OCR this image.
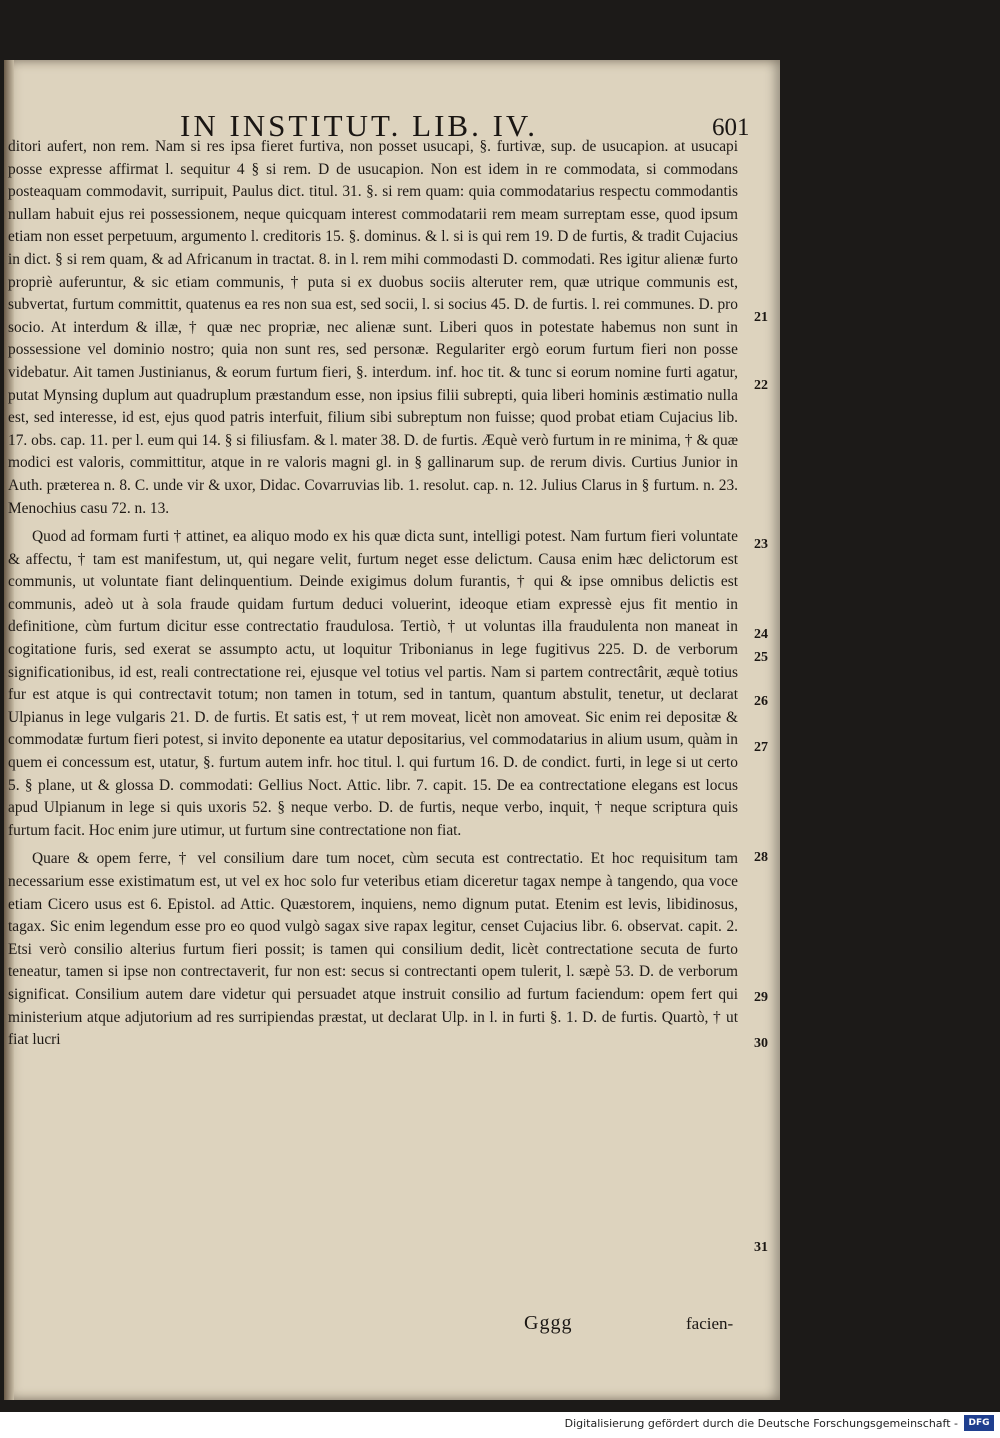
IN INSTITUT. LIB. IV.	601

ditori aufert, non rem. Nam si res ipsa fieret furtiva, non posset usucapi, §. furtivæ, sup. de usucapion. at usucapi posse expresse affirmat l. sequitur 4 § si rem. D de usucapion. Non est idem in re commodata, si commodans posteaquam commodavit, surripuit, Paulus dict. titul. 31. §. si rem quam: quia commodatarius respectu commodantis nullam habuit ejus rei possessionem, neque quicquam interest commodatarii rem meam surreptam esse, quod ipsum etiam non esset perpetuum, argumento l. creditoris 15. §. dominus. & l. si is qui rem 19. D de furtis, & tradit Cujacius in dict. § si rem quam, & ad Africanum in tractat. 8. in l. rem mihi commodasti D. commodati. Res igitur alienæ furto propriè auferuntur, & sic etiam communis, † puta si ex duobus sociis alteruter rem, quæ utrique communis est, subvertat, furtum committit, quatenus ea res non sua est, sed socii, l. si socius 45. D. de furtis. l. rei communes. D. pro socio. At interdum & illæ, † quæ nec propriæ, nec alienæ sunt. Liberi quos in potestate habemus non sunt in possessione vel dominio nostro; quia non sunt res, sed personæ. Regulariter ergò eorum furtum fieri non posse videbatur. Ait tamen Justinianus, & eorum furtum fieri, §. interdum. inf. hoc tit. & tunc si eorum nomine furti agatur, putat Mynsing duplum aut quadruplum præstandum esse, non ipsius filii subrepti, quia liberi hominis æstimatio nulla est, sed interesse, id est, ejus quod patris interfuit, filium sibi subreptum non fuisse; quod probat etiam Cujacius lib. 17. obs. cap. 11. per l. eum qui 14. § si filiusfam. & l. mater 38. D. de furtis. Æquè verò furtum in re minima, † & quæ modici est valoris, committitur, atque in re valoris magni gl. in § gallinarum sup. de rerum divis. Curtius Junior in Auth. præterea n. 8. C. unde vir & uxor, Didac. Covarruvias lib. 1. resolut. cap. n. 12. Julius Clarus in § furtum. n. 23. Menochius casu 72. n. 13.

Quod ad formam furti † attinet, ea aliquo modo ex his quæ dicta sunt, intelligi potest. Nam furtum fieri voluntate & affectu, † tam est manifestum, ut, qui negare velit, furtum neget esse delictum. Causa enim hæc delictorum est communis, ut voluntate fiant delinquentium. Deinde exigimus dolum furantis, † qui & ipse omnibus delictis est communis, adeò ut à sola fraude quidam furtum deduci voluerint, ideoque etiam expressè ejus fit mentio in definitione, cùm furtum dicitur esse contrectatio fraudulosa. Tertiò, † ut voluntas illa fraudulenta non maneat in cogitatione furis, sed exerat se assumpto actu, ut loquitur Tribonianus in lege fugitivus 225. D. de verborum significationibus, id est, reali contrectatione rei, ejusque vel totius vel partis. Nam si partem contrectârit, æquè totius fur est atque is qui contrectavit totum; non tamen in totum, sed in tantum, quantum abstulit, tenetur, ut declarat Ulpianus in lege vulgaris 21. D. de furtis. Et satis est, † ut rem moveat, licèt non amoveat. Sic enim rei depositæ & commodatæ furtum fieri potest, si invito deponente ea utatur depositarius, vel commodatarius in alium usum, quàm in quem ei concessum est, utatur, §. furtum autem infr. hoc titul. l. qui furtum 16. D. de condict. furti, in lege si ut certo 5. § plane, ut & glossa D. commodati: Gellius Noct. Attic. libr. 7. capit. 15. De ea contrectatione elegans est locus apud Ulpianum in lege si quis uxoris 52. § neque verbo. D. de furtis, neque verbo, inquit, † neque scriptura quis furtum facit. Hoc enim jure utimur, ut furtum sine contrectatione non fiat.

Quare & opem ferre, † vel consilium dare tum nocet, cùm secuta est contrectatio. Et hoc requisitum tam necessarium esse existimatum est, ut vel ex hoc solo fur veteribus etiam diceretur tagax nempe à tangendo, qua voce etiam Cicero usus est 6. Epistol. ad Attic. Quæstorem, inquiens, nemo dignum putat. Etenim est levis, libidinosus, tagax. Sic enim legendum esse pro eo quod vulgò sagax sive rapax legitur, censet Cujacius libr. 6. observat. capit. 2. Etsi verò consilio alterius furtum fieri possit; is tamen qui consilium dedit, licèt contrectatione secuta de furto teneatur, tamen si ipse non contrectaverit, fur non est: secus si contrectanti opem tulerit, l. sæpè 53. D. de verborum significat. Consilium autem dare videtur qui persuadet atque instruit consilio ad furtum faciendum: opem fert qui ministerium atque adjutorium ad res surripiendas præstat, ut declarat Ulp. in l. in furti §. 1. D. de furtis. Quartò, † ut fiat lucri

21
22
23
24
25
26
27
28
29
30
31
Gggg	facien-
Digitalisierung gefördert durch die Deutsche Forschungsgemeinschaft -	DFG
